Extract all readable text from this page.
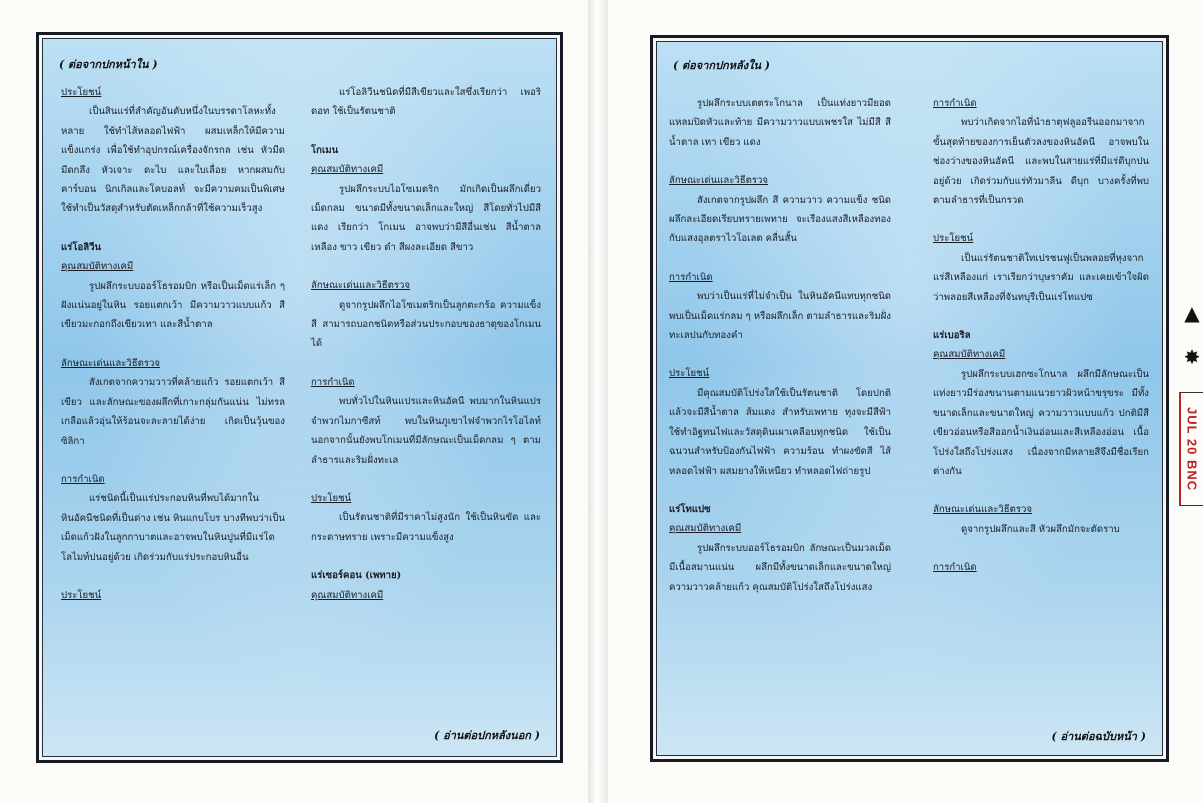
( ต่อจากปกหน้าใน )

ประโยชน์

เป็นสินแร่ที่สำคัญอันดับหนึ่งในบรรดาโลหะทั้งหลาย ใช้ทำไส้หลอดไฟฟ้า ผสมเหล็กให้มีความแข็งแกร่ง เพื่อใช้ทำอุปกรณ์เครื่องจักรกล เช่น หัวมีด มีดกลึง หัวเจาะ ดะไบ และใบเลื่อย หากผสมกับคาร์บอน นิกเกิลและโคบอลท์ จะมีความคมเป็นพิเศษ ใช้ทำเป็นวัสดุสำหรับตัดเหล็กกล้าที่ใช้ความเร็วสูง

แร่โอลิวีน

คุณสมบัติทางเคมี

รูปผลึกระบบออร์โธรอมบิก หรือเป็นเม็ดแร่เล็ก ๆ ฝังแน่นอยู่ในหิน รอยแตกเว้า มีความวาวแบบแก้ว สีเขียวมะกอกถึงเขียวเทา และสีน้ำตาล

ลักษณะเด่นและวิธีตรวจ

สังเกตจากความวาวที่คล้ายแก้ว รอยแตกเว้า สีเขียว และลักษณะของผลึกที่เกาะกลุ่มกันแน่น ไม่ทรลเกลือแล้วอุ่นให้ร้อนจะละลายได้ง่าย เกิดเป็นวุ้นของซิลิกา

การกำเนิด

แร่ชนิดนี้เป็นแร่ประกอบหินที่พบได้มากในหินอัคนีชนิดที่เป็นด่าง เช่น หินแกบโบร บางทีพบว่าเป็นเม็ดแก้วฝังในลูกกาบาตและอาจพบในหินปูนที่มีแร่โดโลไมท์ปนอยู่ด้วย เกิดร่วมกับแร่ประกอบหินอื่น

ประโยชน์

แร่โอลิวีนชนิดที่มีสีเขียวและใสซึ่งเรียกว่า เพอริดอท ใช้เป็นรัตนชาติ

โกเมน

คุณสมบัติทางเคมี

รูปผลึกระบบไอโซเมตริก มักเกิดเป็นผลึกเดี่ยว เม็ดกลม ขนาดมีทั้งขนาดเล็กและใหญ่ สีโดยทั่วไปมีสีแดง เรียกว่า โกเมน อาจพบว่ามีสีอื่นเช่น สีน้ำตาล เหลือง ขาว เขียว ดำ สีผงละเอียด สีขาว

ลักษณะเด่นและวิธีตรวจ

ดูจากรูปผลึกไอโซเมตริกเป็นลูกตะกร้อ ความแข็ง สี สามารถบอกชนิดหรือส่วนประกอบของธาตุของโกเมนได้

การกำเนิด

พบทั่วไปในหินแปรและหินอัคนี พบมากในหินแปรจำพวกไมกาซีสท์ พบในหินภูเขาไฟจำพวกไรโอไลท์ นอกจากนั้นยังพบโกเมนที่มีลักษณะเป็นเม็ดกลม ๆ ตามลำธารและริมฝั่งทะเล

ประโยชน์

เป็นรัตนชาติที่มีราคาไม่สูงนัก ใช้เป็นหินขัด และกระดาษทราย เพราะมีความแข็งสูง

แร่เซอร์คอน (เพทาย)

คุณสมบัติทางเคมี

( อ่านต่อปกหลังนอก )
( ต่อจากปกหลังใน )

รูปผลึกระบบเตตระโกนาล เป็นแท่งยาวมียอดแหลมปิดหัวและท้าย มีความวาวแบบเพชรใส ไม่มีสี สีน้ำตาล เทา เขียว แดง

ลักษณะเด่นและวิธีตรวจ

สังเกตจากรูปผลึก สี ความวาว ความแข็ง ชนิดผลึกละเอียดเรียบทรายเพทาย จะเรืองแสงสีเหลืองทองกับแสงอุลตราไวโอเลต คลื่นสั้น

การกำเนิด

พบว่าเป็นแร่ที่ไม่จำเป็น ในหินอัคนีแทบทุกชนิด พบเป็นเม็ดแร่กลม ๆ หรือผลึกเล็ก ตามลำธารและริมฝั่งทะเลปนกับทองคำ

ประโยชน์

มีคุณสมบัติโปร่งใสใช้เป็นรัตนชาติ โดยปกติแล้วจะมีสีน้ำตาล ส้มแดง สำหรับเพทาย ทุงจะมีสีฟ้า ใช้ทำอิฐทนไฟและวัสดุดินเผาเคลือบทุกชนิด ใช้เป็นฉนวนสำหรับป้องกันไฟฟ้า ความร้อน ทำผงขัดสี ไส้หลอดไฟฟ้า ผสมยางให้เหนียว ทำหลอดไฟถ่ายรูป

แร่โทแปซ

คุณสมบัติทางเคมี

รูปผลึกระบบออร์โธรอมบิก ลักษณะเป็นมวลเม็ดมีเนื้อสมานแน่น ผลึกมีทั้งขนาดเล็กและขนาดใหญ่ ความวาวคล้ายแก้ว คุณสมบัติโปร่งใสถึงโปร่งแสง

การกำเนิด

พบว่าเกิดจากไอที่นำธาตุฟลูออรีนออกมาจากขั้นสุดท้ายของการเย็นตัวลงของหินอัคนี อาจพบในช่องว่างของหินอัคนี และพบในสายแร่ที่มีแร่ดีบุกปนอยู่ด้วย เกิดร่วมกับแร่ทัวมาลีน ดีบุก บางครั้งที่พบตามลำธารที่เป็นกรวด

ประโยชน์

เป็นแร่รัตนชาติใทเปรชนฟูเป็นพลอยที่หุงจากแร่สีเหลืองแก่ เราเรียกว่าบุษราคัม และเคยเข้าใจผิดว่าพลอยสีเหลืองที่จันทบุรีเป็นแร่โทแปซ

แร่เบอริล

คุณสมบัติทางเคมี

รูปผลึกระบบเฮกซะโกนาล ผลึกมีลักษณะเป็นแท่งยาวมีร่องขนานตามแนวยาวผิวหน้าขรุขระ มีทั้งขนาดเล็กและขนาดใหญ่ ความวาวแบบแก้ว ปกติมีสีเขียวอ่อนหรือสีออกน้ำเงินอ่อนและสีเหลืองอ่อน เนื้อโปร่งใสถึงโปร่งแสง เนื่องจากมีหลายสีจึงมีชื่อเรียกต่างกัน

ลักษณะเด่นและวิธีตรวจ

ดูจากรูปผลึกและสี หัวผลึกมักจะตัดราบ

การกำเนิด

( อ่านต่อฉบับหน้า )
▲
✸
JUL 20 BNC
